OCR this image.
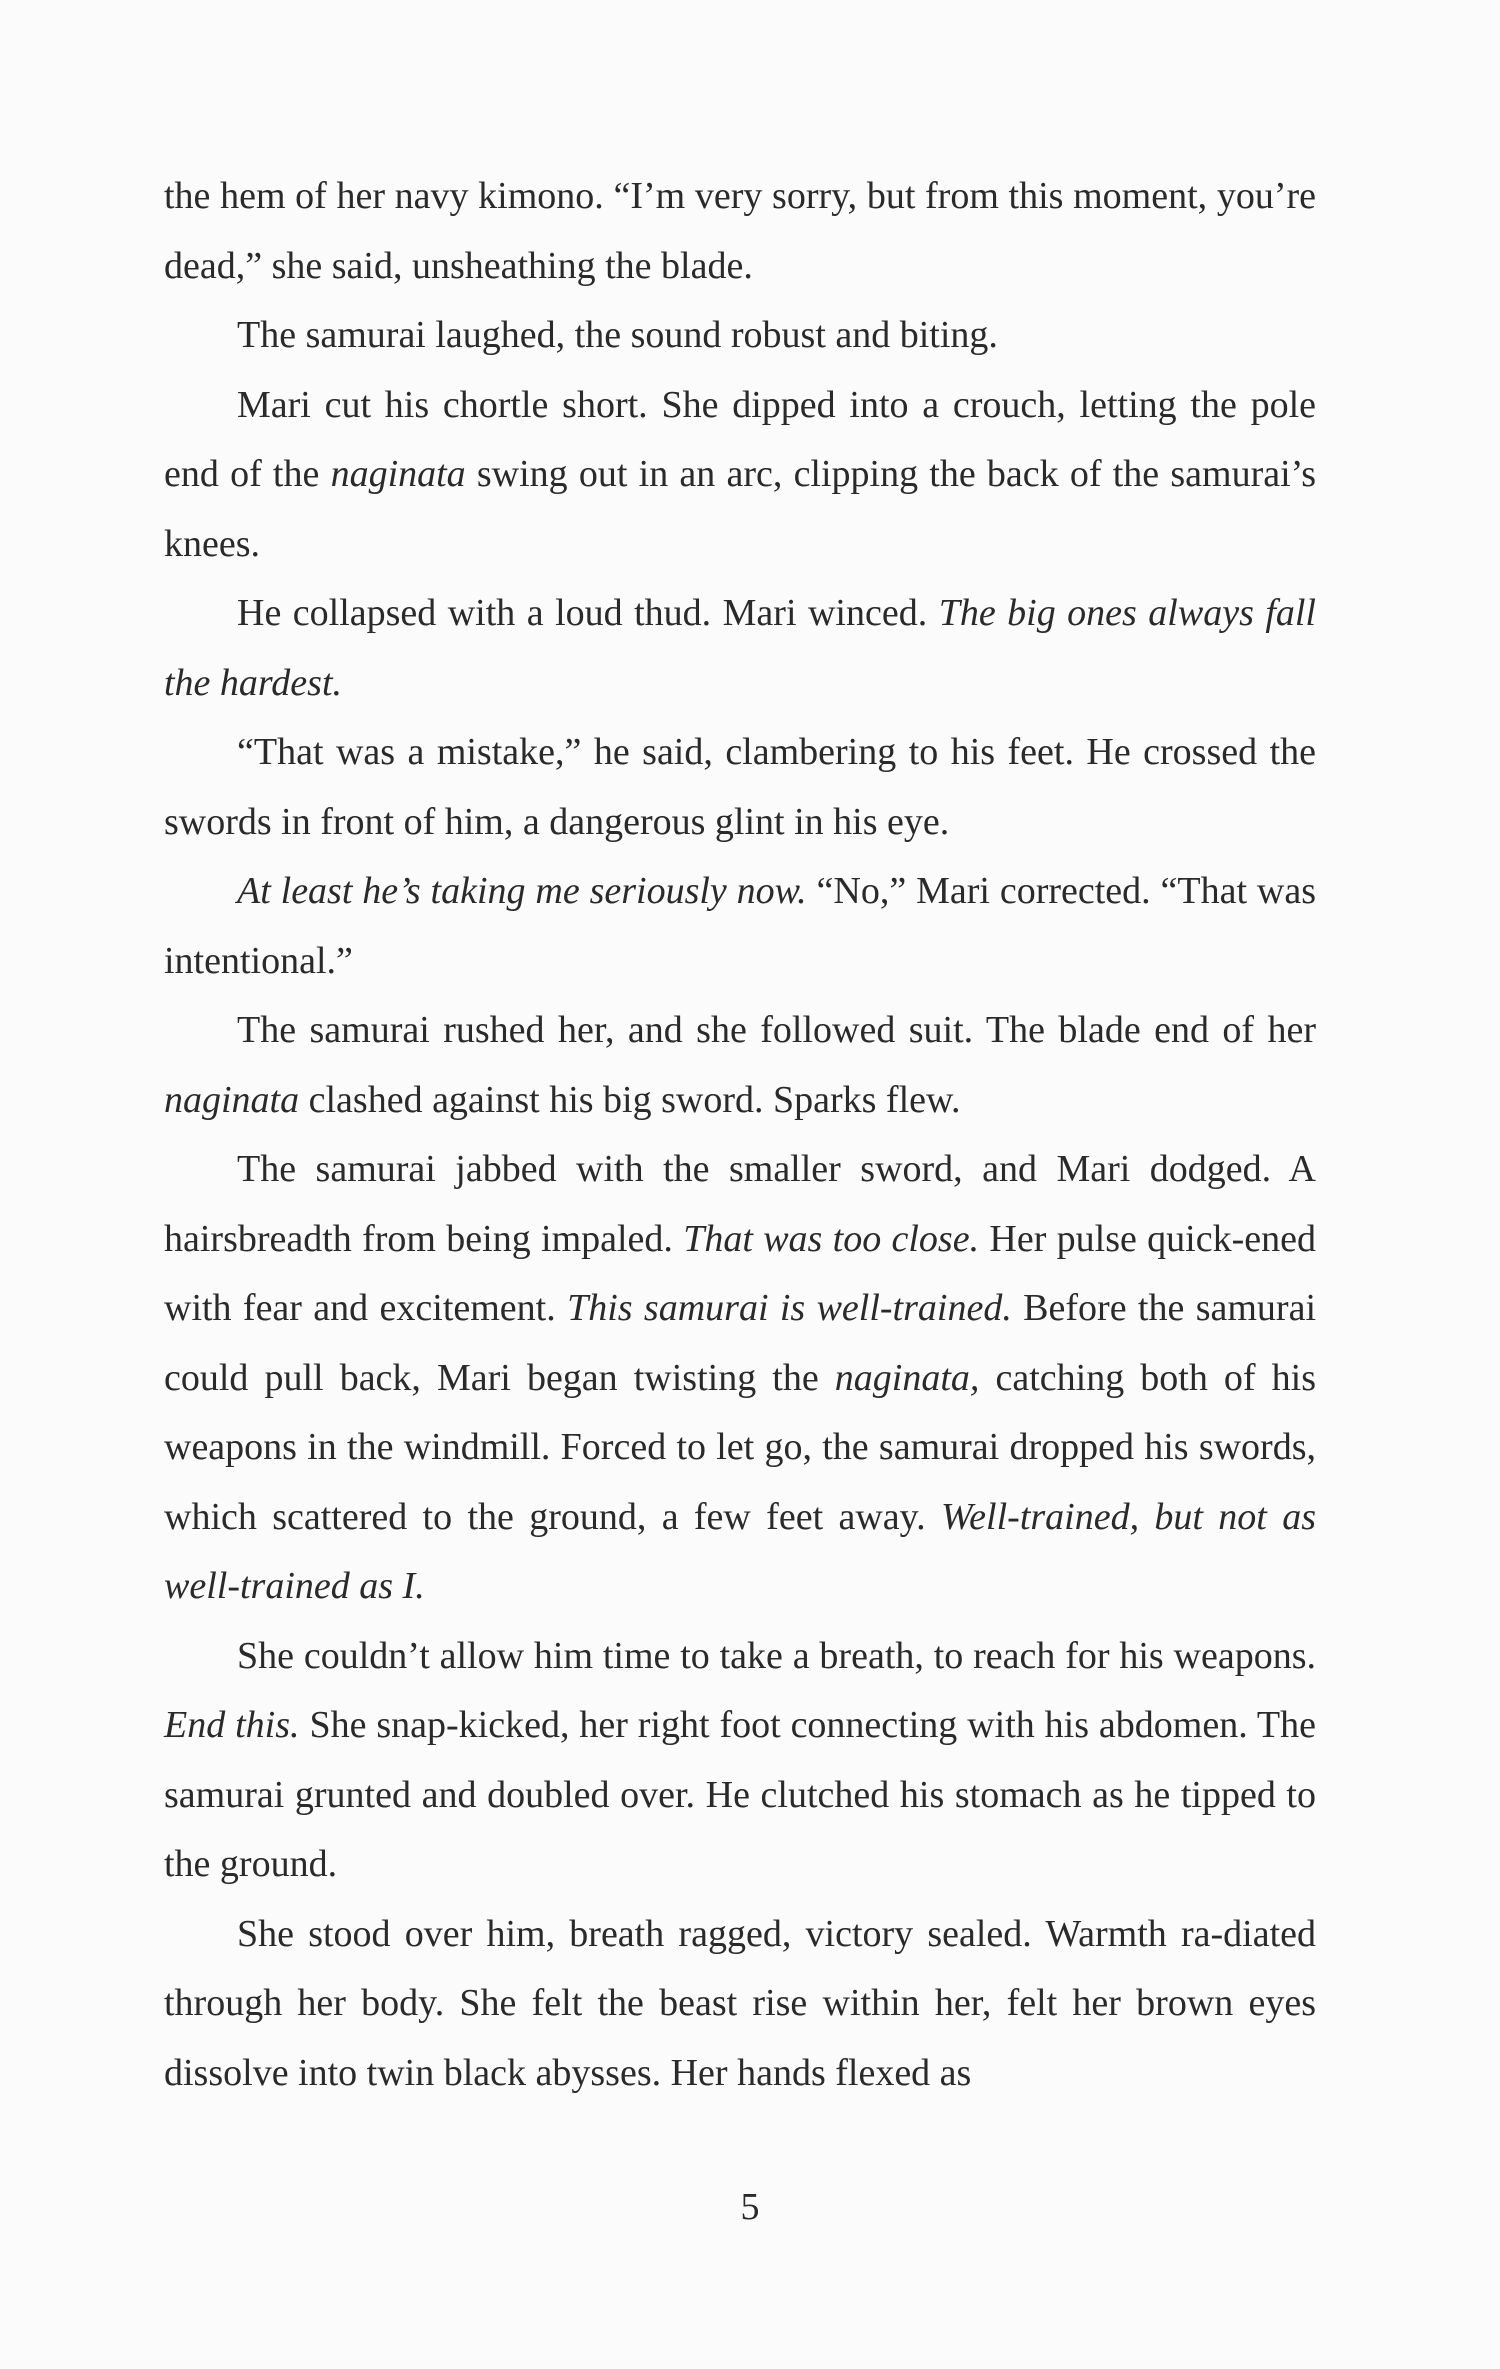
the hem of her navy kimono. “I’m very sorry, but from this moment, you’re dead,” she said, unsheathing the blade.

The samurai laughed, the sound robust and biting.

Mari cut his chortle short. She dipped into a crouch, letting the pole end of the naginata swing out in an arc, clipping the back of the samurai’s knees.

He collapsed with a loud thud. Mari winced. The big ones always fall the hardest.

“That was a mistake,” he said, clambering to his feet. He crossed the swords in front of him, a dangerous glint in his eye.

At least he’s taking me seriously now. “No,” Mari corrected. “That was intentional.”

The samurai rushed her, and she followed suit. The blade end of her naginata clashed against his big sword. Sparks flew.

The samurai jabbed with the smaller sword, and Mari dodged. A hairsbreadth from being impaled. That was too close. Her pulse quick-ened with fear and excitement. This samurai is well-trained. Before the samurai could pull back, Mari began twisting the naginata, catching both of his weapons in the windmill. Forced to let go, the samurai dropped his swords, which scattered to the ground, a few feet away. Well-trained, but not as well-trained as I.

She couldn’t allow him time to take a breath, to reach for his weapons. End this. She snap-kicked, her right foot connecting with his abdomen. The samurai grunted and doubled over. He clutched his stomach as he tipped to the ground.

She stood over him, breath ragged, victory sealed. Warmth ra-diated through her body. She felt the beast rise within her, felt her brown eyes dissolve into twin black abysses. Her hands flexed as

5
